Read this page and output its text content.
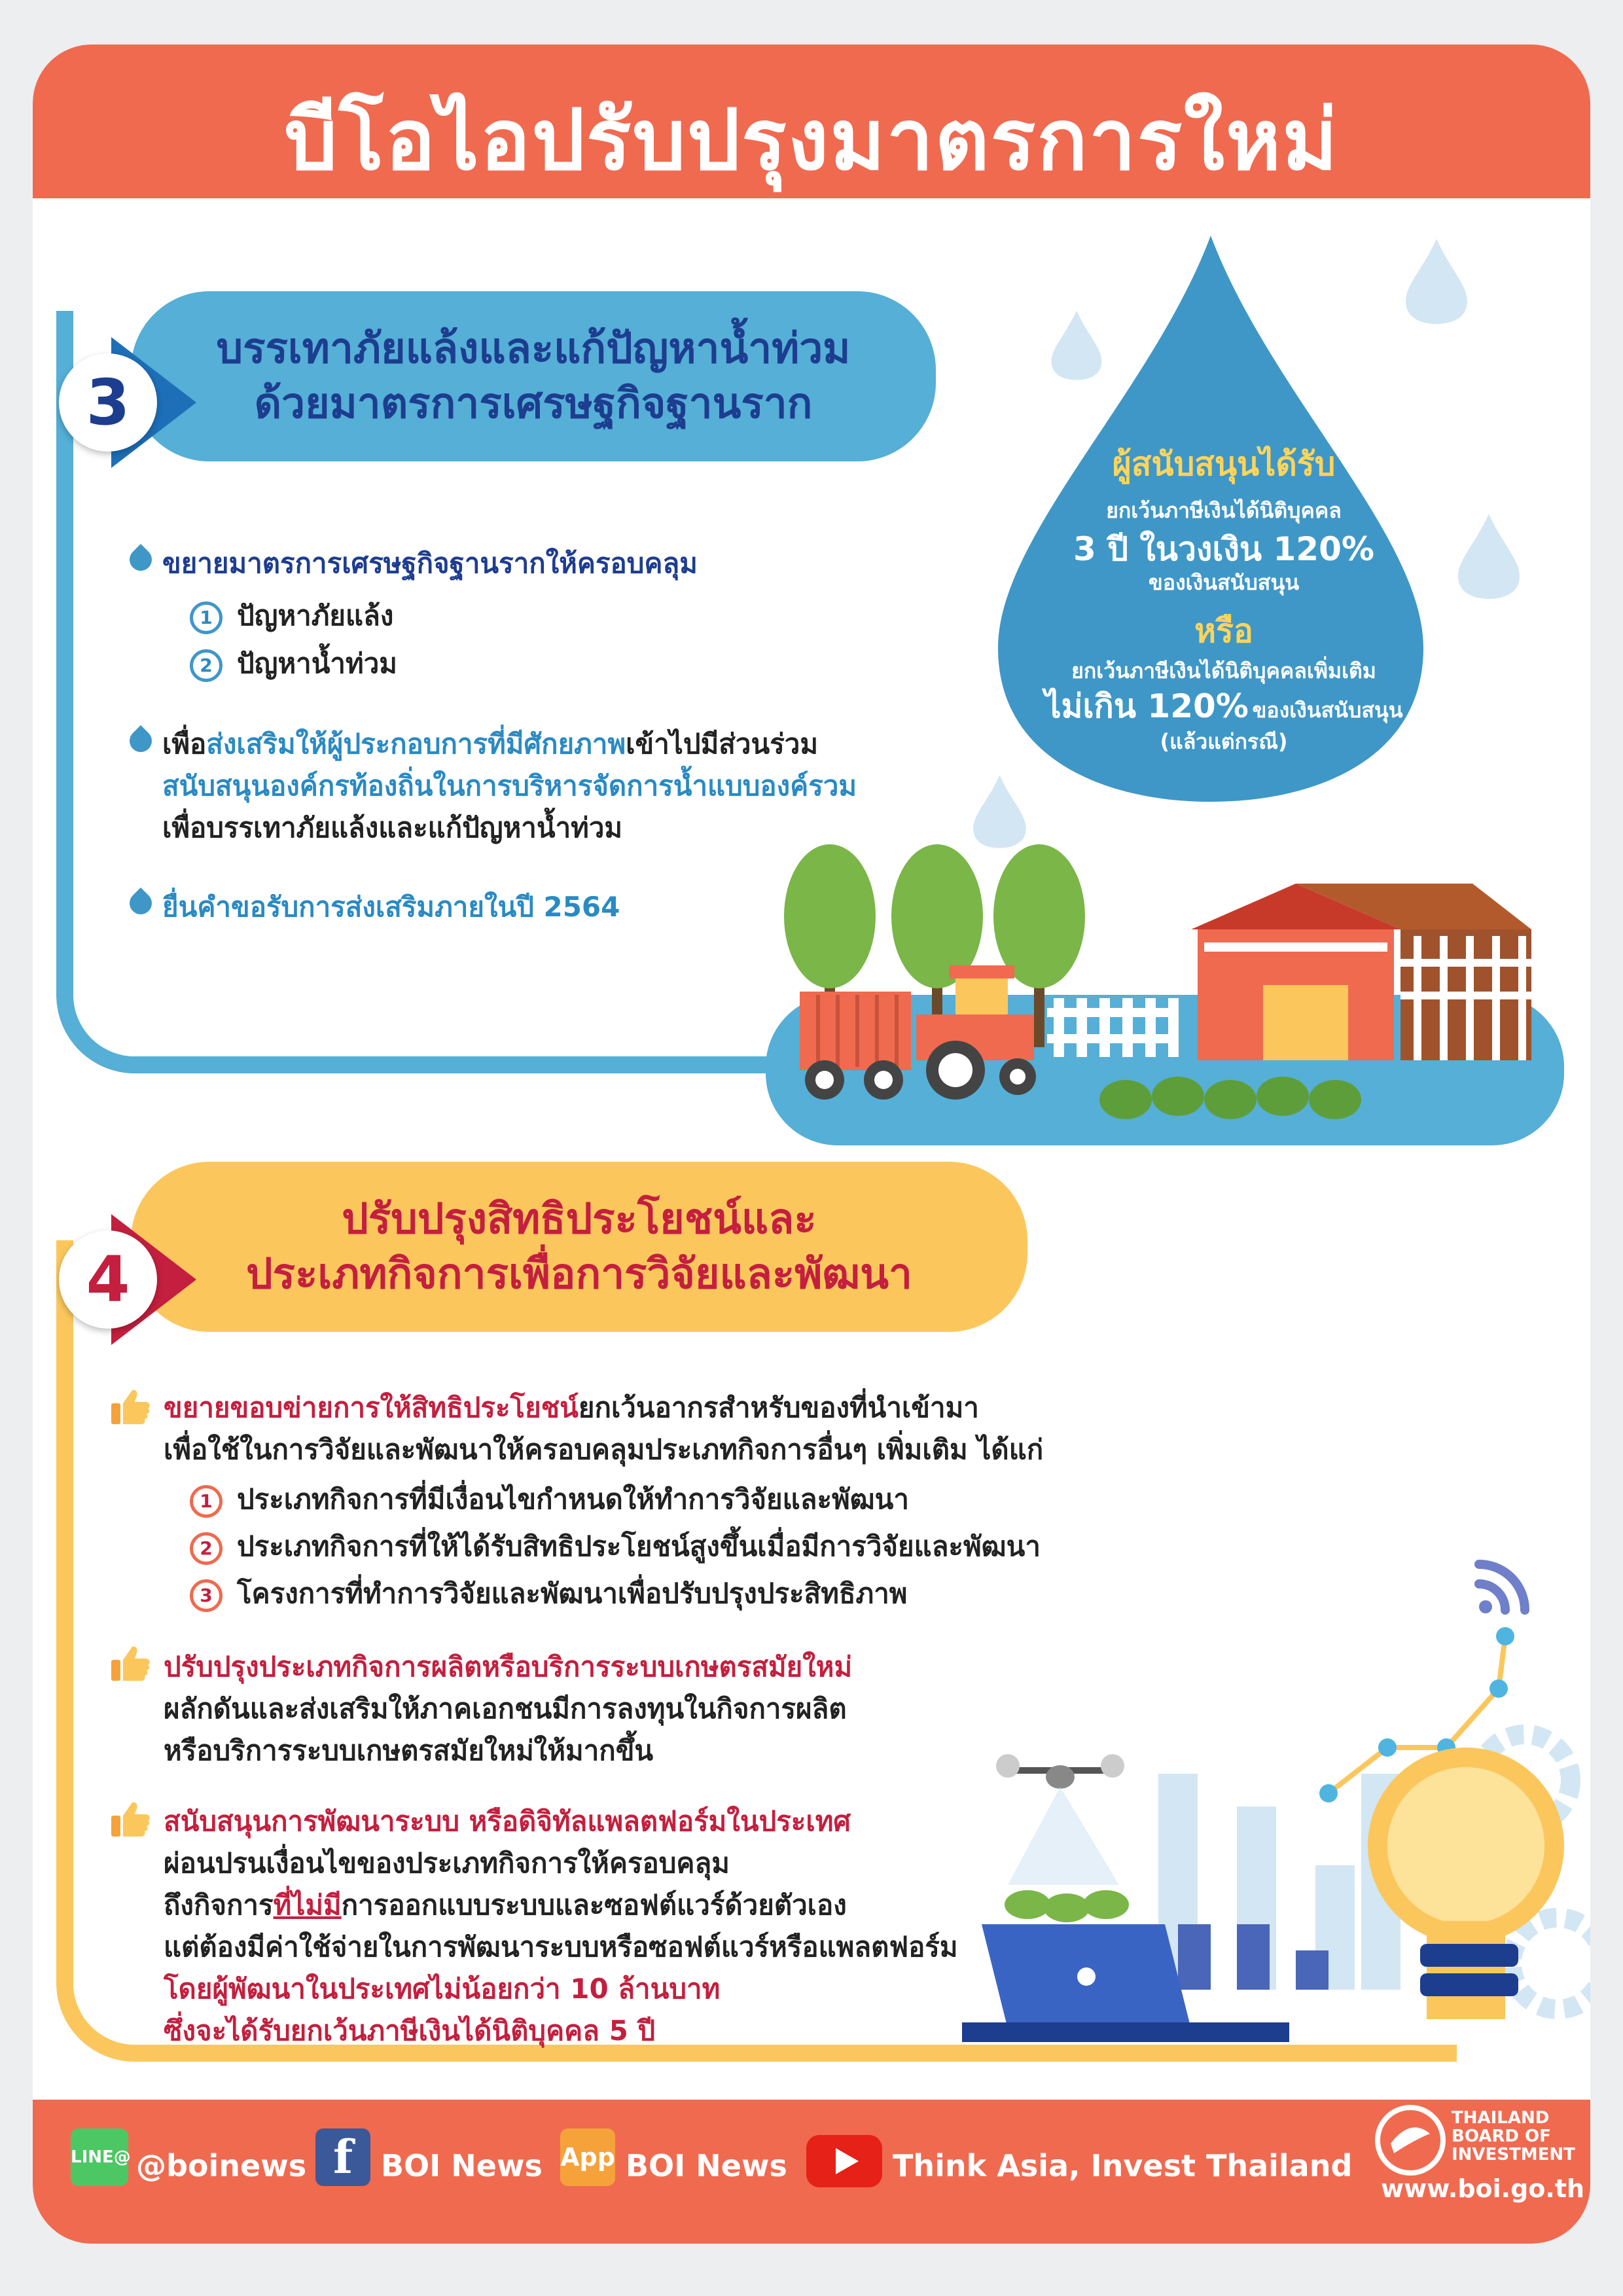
บีโอไอปรับปรุงมาตรการใหม่
บรรเทาภัยแล้งและแก้ปัญหาน้ำท่วม
ด้วยมาตรการเศรษฐกิจฐานราก
3
ขยายมาตรการเศรษฐกิจฐานรากให้ครอบคลุม
1 ปัญหาภัยแล้ง
2 ปัญหาน้ำท่วม
เพื่อส่งเสริมให้ผู้ประกอบการที่มีศักยภาพเข้าไปมีส่วนร่วม
สนับสนุนองค์กรท้องถิ่นในการบริหารจัดการน้ำแบบองค์รวม
เพื่อบรรเทาภัยแล้งและแก้ปัญหาน้ำท่วม
ยื่นคำขอรับการส่งเสริมภายในปี 2564
ผู้สนับสนุนได้รับ
ยกเว้นภาษีเงินได้นิติบุคคล
3 ปี ในวงเงิน 120%
ของเงินสนับสนุน
หรือ
ยกเว้นภาษีเงินได้นิติบุคคลเพิ่มเติม
ไม่เกิน 120% ของเงินสนับสนุน
(แล้วแต่กรณี)
ปรับปรุงสิทธิประโยชน์และ
ประเภทกิจการเพื่อการวิจัยและพัฒนา
4
ขยายขอบข่ายการให้สิทธิประโยชน์ยกเว้นอากรสำหรับของที่นำเข้ามา
เพื่อใช้ในการวิจัยและพัฒนาให้ครอบคลุมประเภทกิจการอื่นๆ เพิ่มเติม ได้แก่
1 ประเภทกิจการที่มีเงื่อนไขกำหนดให้ทำการวิจัยและพัฒนา
2 ประเภทกิจการที่ให้ได้รับสิทธิประโยชน์สูงขึ้นเมื่อมีการวิจัยและพัฒนา
3 โครงการที่ทำการวิจัยและพัฒนาเพื่อปรับปรุงประสิทธิภาพ
ปรับปรุงประเภทกิจการผลิตหรือบริการระบบเกษตรสมัยใหม่
ผลักดันและส่งเสริมให้ภาคเอกชนมีการลงทุนในกิจการผลิต
หรือบริการระบบเกษตรสมัยใหม่ให้มากขึ้น
สนับสนุนการพัฒนาระบบ หรือดิจิทัลแพลตฟอร์มในประเทศ
ผ่อนปรนเงื่อนไขของประเภทกิจการให้ครอบคลุม
ถึงกิจการที่ไม่มีการออกแบบระบบและซอฟต์แวร์ด้วยตัวเอง
แต่ต้องมีค่าใช้จ่ายในการพัฒนาระบบหรือซอฟต์แวร์หรือแพลตฟอร์ม
โดยผู้พัฒนาในประเทศไม่น้อยกว่า 10 ล้านบาท
ซึ่งจะได้รับยกเว้นภาษีเงินได้นิติบุคคล 5 ปี
LINE@ @boinews f BOI News App BOI News	Think Asia, Invest Thailand
THAILAND
BOARD OF
INVESTMENT
www.boi.go.th
